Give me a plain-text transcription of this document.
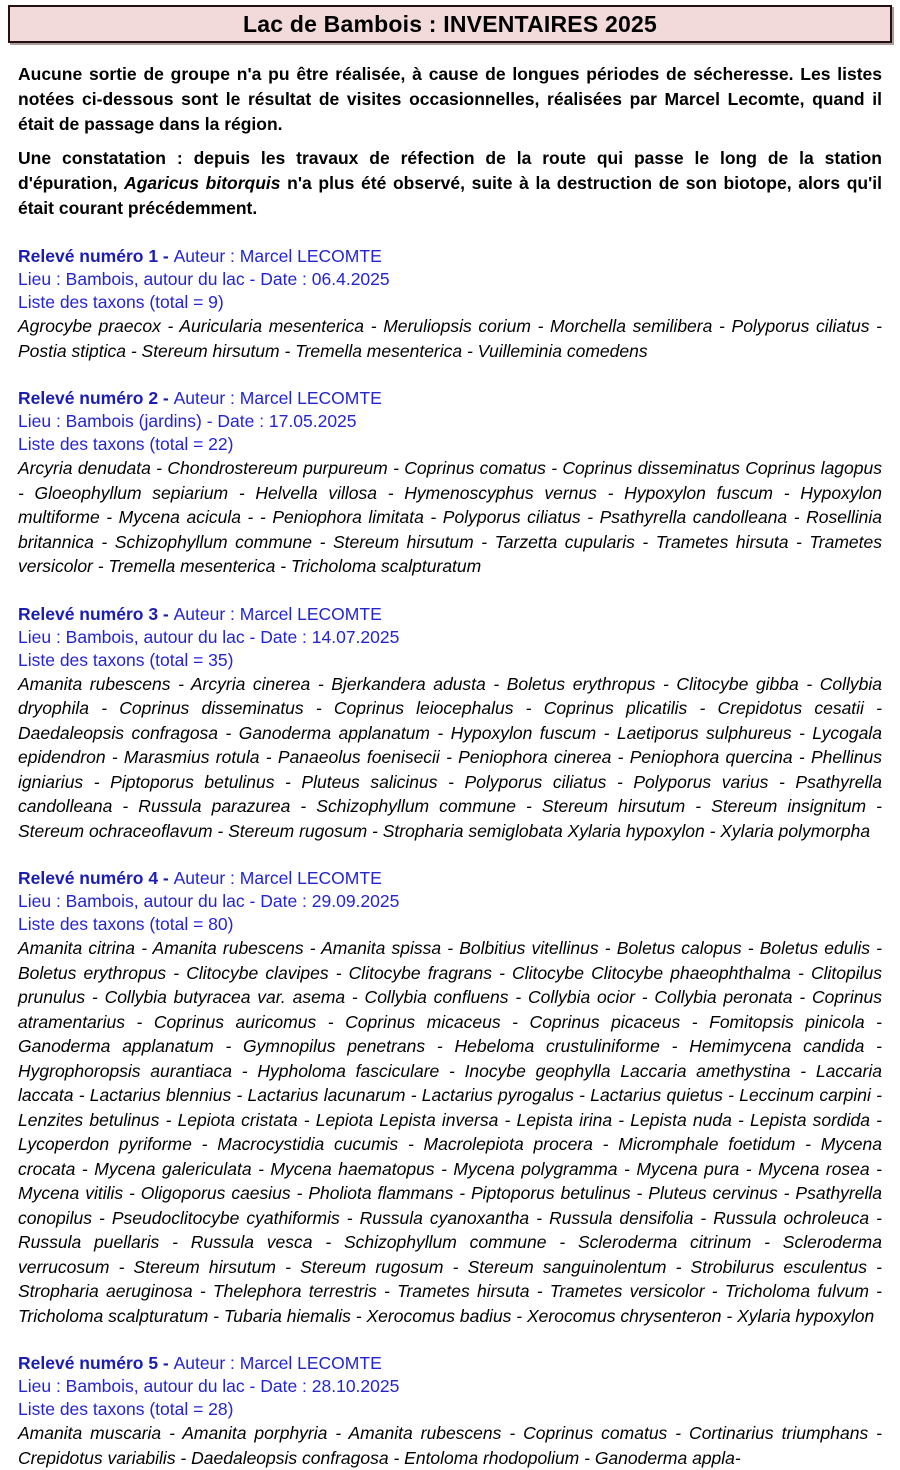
Lac de Bambois : INVENTAIRES 2025

Aucune sortie de groupe n'a pu être réalisée, à cause de longues périodes de sécheresse. Les listes notées ci-dessous sont le résultat de visites occasionnelles, réalisées par Marcel Lecomte, quand il était de passage dans la région.

Une constatation : depuis les travaux de réfection de la route qui passe le long de la station d'épuration, Agaricus bitorquis n'a plus été observé, suite à la destruction de son biotope, alors qu'il était courant précédemment.

Relevé numéro 1 - Auteur : Marcel LECOMTE

Lieu : Bambois, autour du lac - Date : 06.4.2025

Liste des taxons (total = 9)

Agrocybe praecox - Auricularia mesenterica - Meruliopsis corium - Morchella semilibera - Polyporus ciliatus - Postia stiptica - Stereum hirsutum - Tremella mesenterica - Vuilleminia comedens

Relevé numéro 2 - Auteur : Marcel LECOMTE

Lieu : Bambois (jardins) - Date : 17.05.2025

Liste des taxons (total = 22)

Arcyria denudata - Chondrostereum purpureum - Coprinus comatus - Coprinus disseminatus Coprinus lagopus - Gloeophyllum sepiarium - Helvella villosa - Hymenoscyphus vernus - Hypoxylon fuscum - Hypoxylon multiforme - Mycena acicula - - Peniophora limitata - Polyporus ciliatus - Psathyrella candolleana - Rosellinia britannica - Schizophyllum commune - Stereum hirsutum - Tarzetta cupularis - Trametes hirsuta - Trametes versicolor - Tremella mesenterica - Tricholoma scalpturatum

Relevé numéro 3 - Auteur : Marcel LECOMTE

Lieu : Bambois, autour du lac - Date : 14.07.2025

Liste des taxons (total = 35)

Amanita rubescens - Arcyria cinerea - Bjerkandera adusta - Boletus erythropus - Clitocybe gibba - Collybia dryophila - Coprinus disseminatus - Coprinus leiocephalus - Coprinus plicatilis - Crepidotus cesatii - Daedaleopsis confragosa - Ganoderma applanatum - Hypoxylon fuscum - Laetiporus sulphureus - Lycogala epidendron - Marasmius rotula - Panaeolus foenisecii - Peniophora cinerea - Peniophora quercina - Phellinus igniarius - Piptoporus betulinus - Pluteus salicinus - Polyporus ciliatus - Polyporus varius - Psathyrella candolleana - Russula parazurea - Schizophyllum commune - Stereum hirsutum - Stereum insignitum - Stereum ochraceoflavum - Stereum rugosum - Stropharia semiglobata Xylaria hypoxylon - Xylaria polymorpha

Relevé numéro 4 - Auteur : Marcel LECOMTE

Lieu : Bambois, autour du lac - Date : 29.09.2025

Liste des taxons (total = 80)

Amanita citrina - Amanita rubescens - Amanita spissa - Bolbitius vitellinus - Boletus calopus - Boletus edulis - Boletus erythropus - Clitocybe clavipes - Clitocybe fragrans - Clitocybe Clitocybe phaeophthalma - Clitopilus prunulus - Collybia butyracea var. asema - Collybia confluens - Collybia ocior - Collybia peronata - Coprinus atramentarius - Coprinus auricomus - Coprinus micaceus - Coprinus picaceus - Fomitopsis pinicola - Ganoderma applanatum - Gymnopilus penetrans - Hebeloma crustuliniforme - Hemimycena candida - Hygrophoropsis aurantiaca - Hypholoma fasciculare - Inocybe geophylla Laccaria amethystina - Laccaria laccata - Lactarius blennius - Lactarius lacunarum - Lactarius pyrogalus - Lactarius quietus - Leccinum carpini - Lenzites betulinus - Lepiota cristata - Lepiota Lepista inversa - Lepista irina - Lepista nuda - Lepista sordida - Lycoperdon pyriforme - Macrocystidia cucumis - Macrolepiota procera - Micromphale foetidum - Mycena crocata - Mycena galericulata - Mycena haematopus - Mycena polygramma - Mycena pura - Mycena rosea - Mycena vitilis - Oligoporus caesius - Pholiota flammans - Piptoporus betulinus - Pluteus cervinus - Psathyrella conopilus - Pseudoclitocybe cyathiformis - Russula cyanoxantha - Russula densifolia - Russula ochroleuca - Russula puellaris - Russula vesca - Schizophyllum commune - Scleroderma citrinum - Scleroderma verrucosum - Stereum hirsutum - Stereum rugosum - Stereum sanguinolentum - Strobilurus esculentus - Stropharia aeruginosa - Thelephora terrestris - Trametes hirsuta - Trametes versicolor - Tricholoma fulvum - Tricholoma scalpturatum - Tubaria hiemalis - Xerocomus badius - Xerocomus chrysenteron - Xylaria hypoxylon

Relevé numéro 5 - Auteur : Marcel LECOMTE

Lieu : Bambois, autour du lac - Date : 28.10.2025

Liste des taxons (total = 28)

Amanita muscaria - Amanita porphyria - Amanita rubescens - Coprinus comatus - Cortinarius triumphans - Crepidotus variabilis - Daedaleopsis confragosa - Entoloma rhodopolium - Ganoderma appla-
